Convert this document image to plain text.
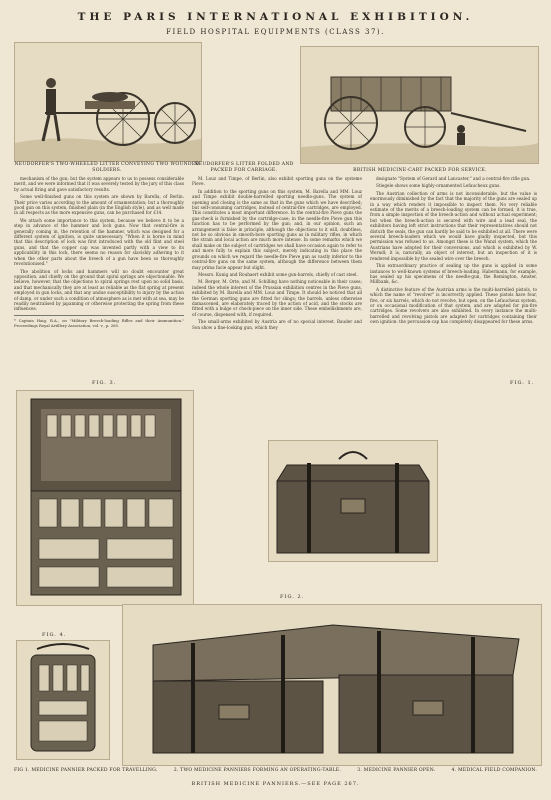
THE PARIS INTERNATIONAL EXHIBITION.
FIELD HOSPITAL EQUIPMENTS (CLASS 37).
NEUDORFER'S TWO-WHEELED LITTER CONVEYING TWO WOUNDED SOLDIERS.
NEUDORFER'S LITTER FOLDED AND PACKED FOR CARRIAGE.	BRITISH MEDICINE-CART PACKED FOR SERVICE.

mechanism of the gun; but the system appears to us to possess considerable merit, and we were informed that it was severely tested by the jury of this class by actual firing and gave satisfactory results.

Some well-finished guns on this system are shown by Barella, of Berlin. Their price varies according to the amount of ornamentation; but a thoroughly good gun on this system, finished plain (in the English style), and as well made in all respects as the more expensive guns, can be purchased for £14.

We attach some importance to this system, because we believe it to be a step in advance of the hammer and lock guns. Now that central-fire is generally coming in, the retention of the hammer, which was designed for a different system of ignition, is quite unnecessary. "When it is borne in mind that this description of lock was first introduced with the old flint and steel guns, and that the copper cap was invented partly with a view to its applicability in this lock, there seems no reason for slavishly adhering to it when the other parts about the breech of a gun have been so thoroughly revolutionised."

The abolition of locks and hammers will no doubt encounter great opposition, and chiefly on the ground that spiral springs are objectionable. We believe, however, that the objections to spiral springs rest upon no solid basis, and that mechanically they are at least as reliable as the flat spring at present employed in gun locks, and that any undue susceptibility to injury by the action of damp, or under such a condition of atmosphere as is met with at sea, may be readily neutralised by japanning or otherwise protecting the spring from these influences.

* Captain Haig, R.A., on "Military Breech-loading Rifles and their Ammunition." Proceedings Royal Artillery Association, vol. v., p. 265.

M. Louz and Timpe, of Berlin, also exhibit sporting guns on the systeme Pieve.

In addition to the sporting guns on this system, M. Barella and MM. Louz and Timpe exhibit double-barrelled sporting needle-guns. The system of opening and closing is the same as that in the guns which we have described; but self-consuming cartridges, instead of central-fire cartridges, are employed. This constitutes a most important difference. In the central-fire Pieve guns the gas-check is furnished by the cartridge-case; in the needle-fire Pieve gun this function has to be performed by the gun; and, in our opinion, such an arrangement is false in principle, although the objections to it will, doubtless, not be so obvious in smooth-bore sporting guns as in military rifles, in which the strain and local action are much more intense. In some remarks which we shall make on the subject of cartridges we shall have occasion again to refer to and more fully to explain this subject, merely indicating in this place the grounds on which we regard the needle-fire Pieve gun as vastly inferior to the central-fire guns on the same system, although the difference between them may prima facie appear but slight.

Messrs. Kunig and Rouhaert exhibit some gun-barrels, chiefly of cast steel.

M. Berger, M. Orte, and M. Schilling have nothing noticeable in their cases; indeed the whole interest of the Prussian exhibition centres in the Pieve guns, exhibited by M. Barella and MM. Louz and Timpe. It should be noticed that all the German sporting guns are fitted for slings; the barrels, unless otherwise damascened, are elaborately traced by the action of acid, and the stocks are fitted with a bulge or check-piece on the inner side. These embellishments are, of course, dispensed with, if required.

The small-arms exhibited by Austria are of no special interest. Bauder and Son show a fine-looking gun, which they

designate "System of Gerard and Lancaster," and a central-fire rifle gun.

Stiegele shows some highly-ornamented Lefaucheux guns.

The Austrian collection of arms is not inconsiderable, but the value is enormously diminished by the fact that the majority of the guns are sealed up in a way which renders it impossible to inspect them. No very reliable estimate of the merits of a breech-loading system can be formed, it is true, from a simple inspection of the breech-action and without actual experiment; but when the breech-action is secured with wire and a lead seal, the exhibitors having left strict instructions that their representatives should not disturb the seals, the gun can hardly be said to be exhibited at all. There were several breech-loaders which we would have gladly inspected, but this permission was refused to us. Amongst these is the Wanzl system, which the Austrians have adopted for their conversions, and which is exhibited by W. Werndl; it is, naturally, an object of interest, but an inspection of it is rendered impossible by the sealed wire over the breech.

This extraordinary practice of sealing up the guns is applied in some instances to well-known systems of breech-loading. Habermann, for example, has sealed up his specimens of the needle-gun, the Remington, Amster, Millbank, &c.

A distinctive feature of the Austrian arms is the multi-barrelled pistols, to which the name of "revolver" is incorrectly applied. These pistols have four, five, or six barrels, which do not revolve, but open, on the Lefaucheux system, or on occasional modification of that system, and are adapted for pin-fire cartridges. Some revolvers are also exhibited. In every instance the multi-barrelled and revolving pistols are adapted for cartridges containing their own ignition: the percussion-cap has completely disappeared for these arms.

FIG. 3.	FIG. 1.
FIG. 4.
FIG. 2.
FIG 1. MEDICINE PANNIER PACKED FOR TRAVELLING.	2. TWO MEDICINE PANNIERS FORMING AN OPERATING-TABLE.	3. MEDICINE PANNIER OPEN.	4. MEDICAL FIELD COMPANION.
BRITISH MEDICINE PANNIERS.—SEE PAGE 267.
